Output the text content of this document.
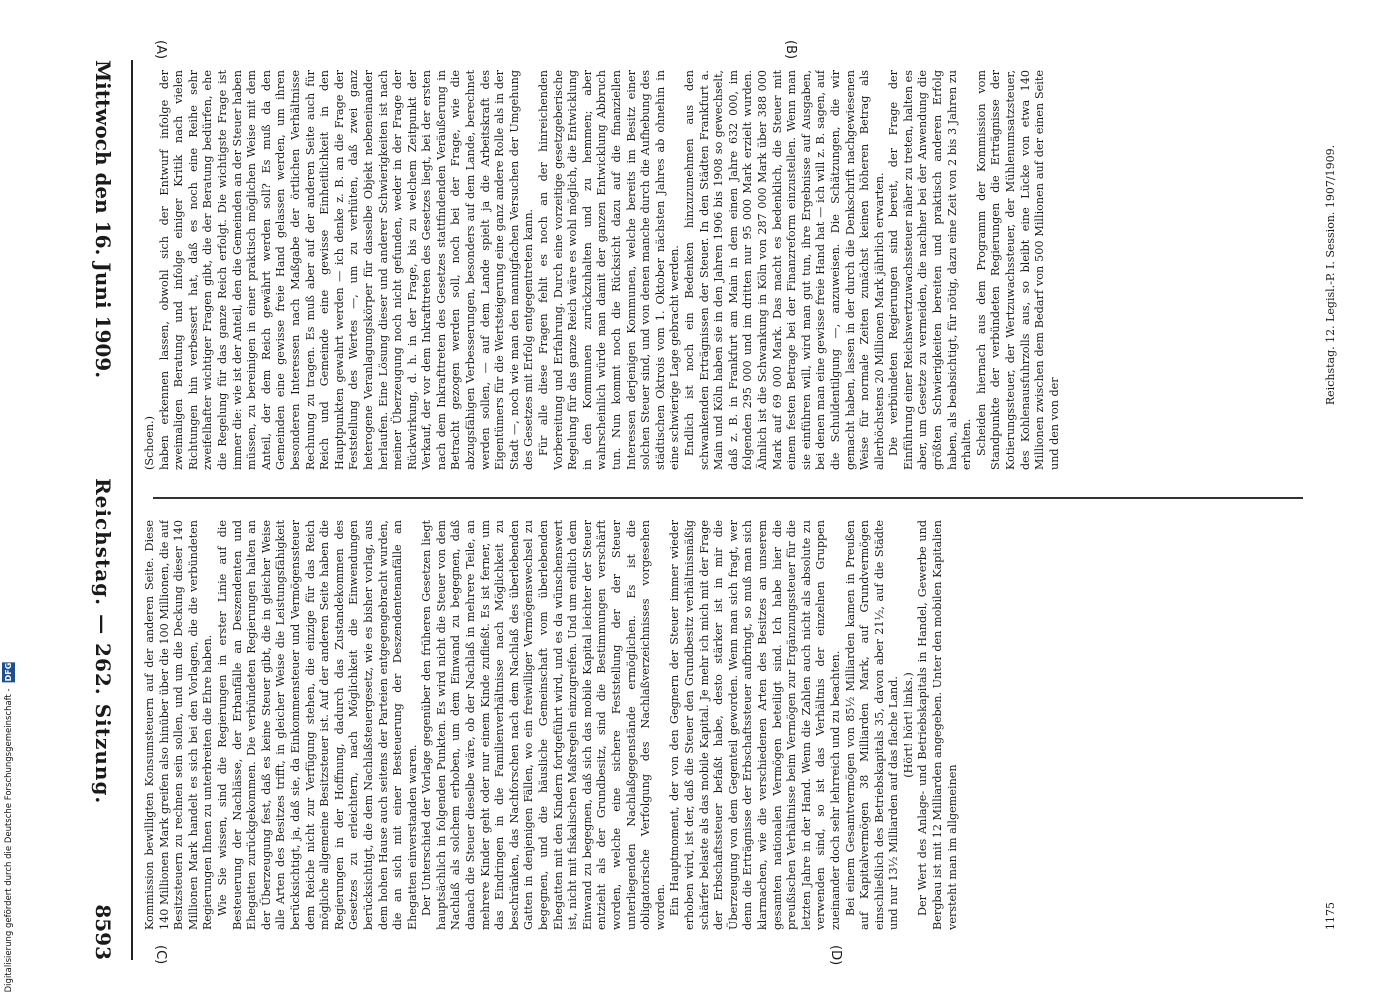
Digitalisierung gefördert durch die Deutsche Forschungsgemeinschaft - DFG
Mittwoch den 16. Juni 1909.
Reichstag. — 262. Sitzung.
8593
(A)	(B)
(C)	(D)

(Schoen.) haben erkennen lassen, obwohl sich der Entwurf infolge der zweimaligen Beratung und infolge einiger Kritik nach vielen Richtungen hin verbessert hat, daß es noch eine Reihe sehr zweifelhafter wichtiger Fragen gibt, die der Beratung bedürfen, ehe die Regelung für das ganze Reich erfolgt. Die wichtigste Frage ist immer die: wie ist der Anteil, den die Gemeinden an der Steuer haben müssen, zu bereinigen in einer praktisch möglichen Weise mit dem Anteil, der dem Reich gewährt werden soll? Es muß da den Gemeinden eine gewisse freie Hand gelassen werden, um ihren besonderen Interessen nach Maßgabe der örtlichen Verhältnisse Rechnung zu tragen. Es muß aber auf der anderen Seite auch für Reich und Gemeinde eine gewisse Einheitlichkeit in den Hauptpunkten gewahrt werden — ich denke z. B. an die Frage der Feststellung des Wertes —, um zu verhüten, daß zwei ganz heterogene Veranlagungskörper für dasselbe Objekt nebeneinander herlaufen. Eine Lösung dieser und anderer Schwierigkeiten ist nach meiner Überzeugung noch nicht gefunden, weder in der Frage der Rückwirkung, d. h. in der Frage, bis zu welchem Zeitpunkt der Verkauf, der vor dem Inkrafttreten des Gesetzes liegt, bei der ersten nach dem Inkrafttreten des Gesetzes stattfindenden Veräußerung in Betracht gezogen werden soll, noch bei der Frage, wie die abzugsfähigen Verbesserungen, besonders auf dem Lande, berechnet werden sollen, — auf dem Lande spielt ja die Arbeitskraft des Eigentümers für die Wertsteigerung eine ganz andere Rolle als in der Stadt —, noch wie man den mannigfachen Versuchen der Umgehung des Gesetzes mit Erfolg entgegentreten kann. Für alle diese Fragen fehlt es noch an der hinreichenden Vorbereitung und Erfahrung. Durch eine vorzeitige gesetzgeberische Regelung für das ganze Reich wäre es wohl möglich, die Entwicklung in den Kommunen zurückzuhalten und zu hemmen; aber wahrscheinlich würde man damit der ganzen Entwicklung Abbruch tun. Nun kommt noch die Rücksicht dazu auf die finanziellen Interessen derjenigen Kommunen, welche bereits im Besitz einer solchen Steuer sind, und von denen manche durch die Aufhebung des städtischen Oktrois vom 1. Oktober nächsten Jahres ab ohnehin in eine schwierige Lage gebracht werden. Endlich ist noch ein Bedenken hinzuzunehmen aus den schwankenden Erträgnissen der Steuer. In den Städten Frankfurt a. Main und Köln haben sie in den Jahren 1906 bis 1908 so gewechselt, daß z. B. in Frankfurt am Main in dem einen Jahre 632 000, im folgenden 295 000 und im dritten nur 95 000 Mark erzielt wurden. Ähnlich ist die Schwankung in Köln von 287 000 Mark über 388 000 Mark auf 69 000 Mark. Das macht es bedenklich, die Steuer mit einem festen Betrage bei der Finanzreform einzustellen. Wenn man sie einführen will, wird man gut tun, ihre Ergebnisse auf Ausgaben, bei denen man eine gewisse freie Hand hat — ich will z. B. sagen, auf die Schuldentilgung —, anzuweisen. Die Schätzungen, die wir gemacht haben, lassen in der durch die Denkschrift nachgewiesenen Weise für normale Zeiten zunächst keinen höheren Betrag als allerhöchstens 20 Millionen Mark jährlich erwarten. Die verbündeten Regierungen sind bereit, der Frage der Einführung einer Reichswertzuwachssteuer näher zu treten, halten es aber, um Gesetze zu vermeiden, die nachher bei der Anwendung die größten Schwierigkeiten bereiten und praktisch anderen Erfolg haben, als beabsichtigt, für nötig, dazu eine Zeit von 2 bis 3 Jahren zu erhalten. Scheiden hiernach aus dem Programm der Kommission vom Standpunkte der verbündeten Regierungen die Erträgnisse der Kotierungssteuer, der Wertzuwachssteuer, der Mühlenumsatzsteuer, des Kohlenausfuhrzolls aus, so bleibt eine Lücke von etwa 140 Millionen zwischen dem Bedarf von 500 Millionen auf der einen Seite und den von der

Kommission bewilligten Konsumsteuern auf der anderen Seite. Diese 140 Millionen Mark greifen also hinüber über die 100 Millionen, die auf Besitzsteuern zu rechnen sein sollen, und um die Deckung dieser 140 Millionen Mark handelt es sich bei den Vorlagen, die die verbündeten Regierungen Ihnen zu unterbreiten die Ehre haben. Wie Sie wissen, sind die Regierungen in erster Linie auf die Besteuerung der Nachlässe, der Erbanfälle an Deszendenten und Ehegatten zurückgekommen. Die verbündeten Regierungen halten an der Überzeugung fest, daß es keine Steuer gibt, die in gleicher Weise alle Arten des Besitzes trifft, in gleicher Weise die Leistungsfähigkeit berücksichtigt, ja, daß sie, da Einkommensteuer und Vermögenssteuer dem Reiche nicht zur Verfügung stehen, die einzige für das Reich mögliche allgemeine Besitzsteuer ist. Auf der anderen Seite haben die Regierungen in der Hoffnung, dadurch das Zustandekommen des Gesetzes zu erleichtern, nach Möglichkeit die Einwendungen berücksichtigt, die dem Nachlaßsteuergesetz, wie es bisher vorlag, aus dem hohen Hause auch seitens der Parteien entgegengebracht wurden, die an sich mit einer Besteuerung der Deszendentenanfälle an Ehegatten einverstanden waren. Der Unterschied der Vorlage gegenüber den früheren Gesetzen liegt hauptsächlich in folgenden Punkten. Es wird nicht die Steuer von dem Nachlaß als solchem erhoben, um dem Einwand zu begegnen, daß danach die Steuer dieselbe wäre, ob der Nachlaß in mehrere Teile, an mehrere Kinder geht oder nur einem Kinde zufließt. Es ist ferner, um das Eindringen in die Familienverhältnisse nach Möglichkeit zu beschränken, das Nachforschen nach dem Nachlaß des überlebenden Gatten in denjenigen Fällen, wo ein freiwilliger Vermögenswechsel zu begegnen, und die häusliche Gemeinschaft vom überlebenden Ehegatten mit den Kindern fortgeführt wird, und es da wünschenswert ist, nicht mit fiskalischen Maßregeln einzugreifen. Und um endlich dem Einwand zu begegnen, daß sich das mobile Kapital leichter der Steuer entzieht als der Grundbesitz, sind die Bestimmungen verschärft worden, welche eine sichere Feststellung der der Steuer unterliegenden Nachlaßgegenstände ermöglichen. Es ist die obligatorische Verfolgung des Nachlaßverzeichnisses vorgesehen worden. Ein Hauptmoment, der von den Gegnern der Steuer immer wieder erhoben wird, ist der, daß die Steuer den Grundbesitz verhältnismäßig schärfer belaste als das mobile Kapital. Je mehr ich mich mit der Frage der Erbschaftssteuer befaßt habe, desto stärker ist in mir die Überzeugung von dem Gegenteil geworden. Wenn man sich fragt, wer denn die Erträgnisse der Erbschaftssteuer aufbringt, so muß man sich klarmachen, wie die verschiedenen Arten des Besitzes an unserem gesamten nationalen Vermögen beteiligt sind. Ich habe hier die preußischen Verhältnisse beim Vermögen zur Ergänzungssteuer für die letzten Jahre in der Hand. Wenn die Zahlen auch nicht als absolute zu verwenden sind, so ist das Verhältnis der einzelnen Gruppen zueinander doch sehr lehrreich und zu beachten. Bei einem Gesamtvermögen von 85½ Milliarden kamen in Preußen auf Kapitalvermögen 38 Milliarden Mark, auf Grundvermögen einschließlich des Betriebskapitals 35, davon aber 21½, auf die Städte und nur 13½ Milliarden auf das flache Land. (Hört! hört! links.) Der Wert des Anlage- und Betriebskapitals in Handel, Gewerbe und Bergbau ist mit 12 Milliarden angegeben. Unter den mobilen Kapitalien versteht man im allgemeinen

Reichstag. 12. Legisl.-P. I. Session. 1907/1909.
1175
